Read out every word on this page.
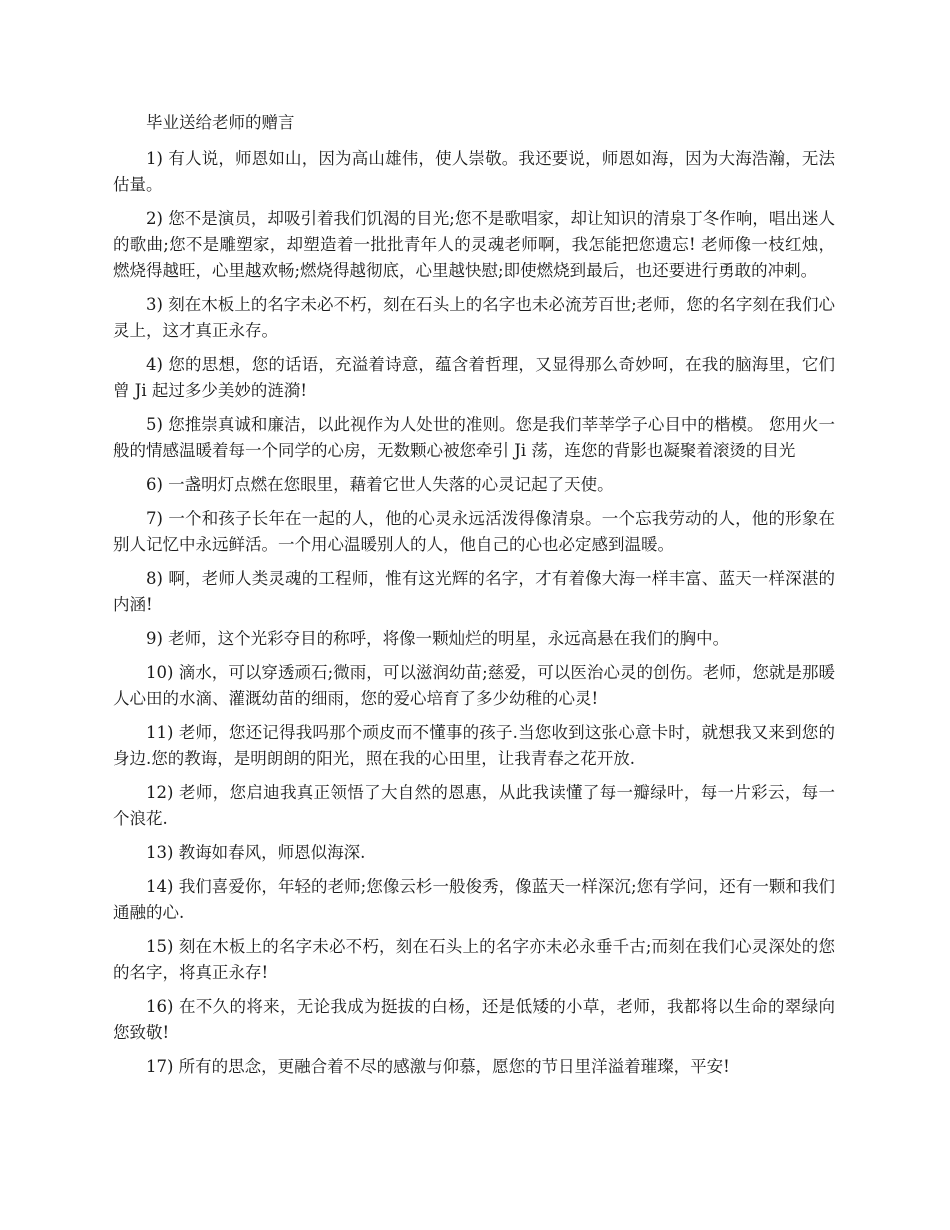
毕业送给老师的赠言

1) 有人说，师恩如山，因为高山雄伟，使人崇敬。我还要说，师恩如海，因为大海浩瀚，无法估量。

2) 您不是演员，却吸引着我们饥渴的目光;您不是歌唱家，却让知识的清泉丁冬作响，唱出迷人的歌曲;您不是雕塑家，却塑造着一批批青年人的灵魂老师啊，我怎能把您遗忘! 老师像一枝红烛，燃烧得越旺，心里越欢畅;燃烧得越彻底，心里越快慰;即使燃烧到最后，也还要进行勇敢的冲刺。

3) 刻在木板上的名字未必不朽，刻在石头上的名字也未必流芳百世;老师，您的名字刻在我们心灵上，这才真正永存。

4) 您的思想，您的话语，充溢着诗意，蕴含着哲理，又显得那么奇妙呵，在我的脑海里，它们曾 Ji 起过多少美妙的涟漪!

5) 您推崇真诚和廉洁，以此视作为人处世的准则。您是我们莘莘学子心目中的楷模。 您用火一般的情感温暖着每一个同学的心房，无数颗心被您牵引 Ji 荡，连您的背影也凝聚着滚烫的目光

6) 一盏明灯点燃在您眼里，藉着它世人失落的心灵记起了天使。

7) 一个和孩子长年在一起的人，他的心灵永远活泼得像清泉。一个忘我劳动的人，他的形象在别人记忆中永远鲜活。一个用心温暖别人的人，他自己的心也必定感到温暖。

8) 啊，老师人类灵魂的工程师，惟有这光辉的名字，才有着像大海一样丰富、蓝天一样深湛的内涵!

9) 老师，这个光彩夺目的称呼，将像一颗灿烂的明星，永远高悬在我们的胸中。

10) 滴水，可以穿透顽石;微雨，可以滋润幼苗;慈爱，可以医治心灵的创伤。老师，您就是那暖人心田的水滴、灌溉幼苗的细雨，您的爱心培育了多少幼稚的心灵!

11) 老师，您还记得我吗那个顽皮而不懂事的孩子.当您收到这张心意卡时，就想我又来到您的身边.您的教诲，是明朗朗的阳光，照在我的心田里，让我青春之花开放.

12) 老师，您启迪我真正领悟了大自然的恩惠，从此我读懂了每一瓣绿叶，每一片彩云，每一个浪花.

13) 教诲如春风，师恩似海深.

14) 我们喜爱你，年轻的老师;您像云杉一般俊秀，像蓝天一样深沉;您有学问，还有一颗和我们通融的心.

15) 刻在木板上的名字未必不朽，刻在石头上的名字亦未必永垂千古;而刻在我们心灵深处的您的名字，将真正永存!

16) 在不久的将来，无论我成为挺拔的白杨，还是低矮的小草，老师，我都将以生命的翠绿向您致敬!

17) 所有的思念，更融合着不尽的感激与仰慕，愿您的节日里洋溢着璀璨，平安!
